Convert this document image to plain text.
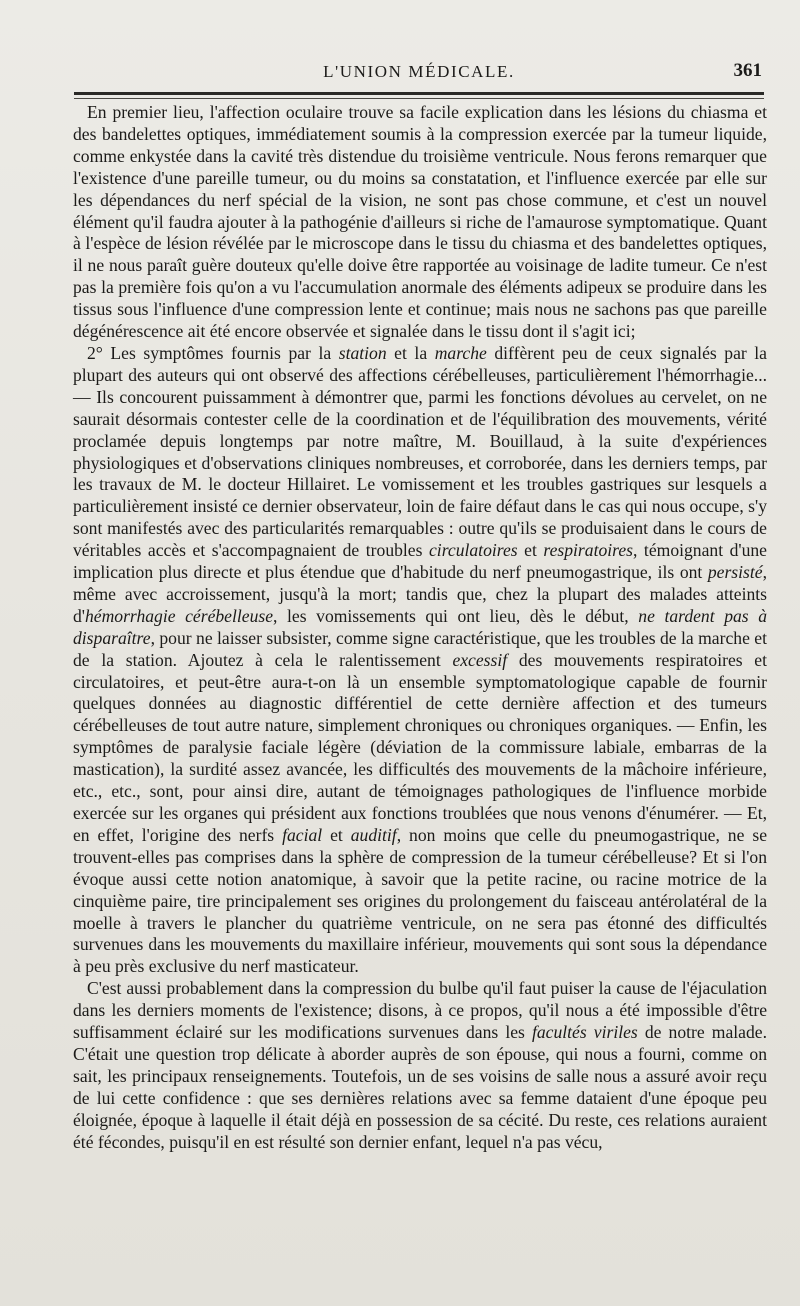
L'UNION MÉDICALE.	361

En premier lieu, l'affection oculaire trouve sa facile explication dans les lésions du chiasma et des bandelettes optiques, immédiatement soumis à la compression exercée par la tumeur liquide, comme enkystée dans la cavité très distendue du troisième ventricule. Nous ferons remarquer que l'existence d'une pareille tumeur, ou du moins sa constatation, et l'influence exercée par elle sur les dépendances du nerf spécial de la vision, ne sont pas chose commune, et c'est un nouvel élément qu'il faudra ajouter à la pathogénie d'ailleurs si riche de l'amaurose symptomatique. Quant à l'espèce de lésion révélée par le microscope dans le tissu du chiasma et des bandelettes optiques, il ne nous paraît guère douteux qu'elle doive être rapportée au voisinage de ladite tumeur. Ce n'est pas la première fois qu'on a vu l'accumulation anormale des éléments adipeux se produire dans les tissus sous l'influence d'une compression lente et continue; mais nous ne sachons pas que pareille dégénérescence ait été encore observée et signalée dans le tissu dont il s'agit ici;

2° Les symptômes fournis par la station et la marche diffèrent peu de ceux signalés par la plupart des auteurs qui ont observé des affections cérébelleuses, particulièrement l'hémorrhagie... — Ils concourent puissamment à démontrer que, parmi les fonctions dévolues au cervelet, on ne saurait désormais contester celle de la coordination et de l'équilibration des mouvements, vérité proclamée depuis longtemps par notre maître, M. Bouillaud, à la suite d'expériences physiologiques et d'observations cliniques nombreuses, et corroborée, dans les derniers temps, par les travaux de M. le docteur Hillairet. Le vomissement et les troubles gastriques sur lesquels a particulièrement insisté ce dernier observateur, loin de faire défaut dans le cas qui nous occupe, s'y sont manifestés avec des particularités remarquables : outre qu'ils se produisaient dans le cours de véritables accès et s'accompagnaient de troubles circulatoires et respiratoires, témoignant d'une implication plus directe et plus étendue que d'habitude du nerf pneumogastrique, ils ont persisté, même avec accroissement, jusqu'à la mort; tandis que, chez la plupart des malades atteints d'hémorrhagie cérébelleuse, les vomissements qui ont lieu, dès le début, ne tardent pas à disparaître, pour ne laisser subsister, comme signe caractéristique, que les troubles de la marche et de la station. Ajoutez à cela le ralentissement excessif des mouvements respiratoires et circulatoires, et peut-être aura-t-on là un ensemble symptomatologique capable de fournir quelques données au diagnostic différentiel de cette dernière affection et des tumeurs cérébelleuses de tout autre nature, simplement chroniques ou chroniques organiques. — Enfin, les symptômes de paralysie faciale légère (déviation de la commissure labiale, embarras de la mastication), la surdité assez avancée, les difficultés des mouvements de la mâchoire inférieure, etc., etc., sont, pour ainsi dire, autant de témoignages pathologiques de l'influence morbide exercée sur les organes qui président aux fonctions troublées que nous venons d'énumérer. — Et, en effet, l'origine des nerfs facial et auditif, non moins que celle du pneumogastrique, ne se trouvent-elles pas comprises dans la sphère de compression de la tumeur cérébelleuse? Et si l'on évoque aussi cette notion anatomique, à savoir que la petite racine, ou racine motrice de la cinquième paire, tire principalement ses origines du prolongement du faisceau antérolatéral de la moelle à travers le plancher du quatrième ventricule, on ne sera pas étonné des difficultés survenues dans les mouvements du maxillaire inférieur, mouvements qui sont sous la dépendance à peu près exclusive du nerf masticateur.

C'est aussi probablement dans la compression du bulbe qu'il faut puiser la cause de l'éjaculation dans les derniers moments de l'existence; disons, à ce propos, qu'il nous a été impossible d'être suffisamment éclairé sur les modifications survenues dans les facultés viriles de notre malade. C'était une question trop délicate à aborder auprès de son épouse, qui nous a fourni, comme on sait, les principaux renseignements. Toutefois, un de ses voisins de salle nous a assuré avoir reçu de lui cette confidence : que ses dernières relations avec sa femme dataient d'une époque peu éloignée, époque à laquelle il était déjà en possession de sa cécité. Du reste, ces relations auraient été fécondes, puisqu'il en est résulté son dernier enfant, lequel n'a pas vécu,
